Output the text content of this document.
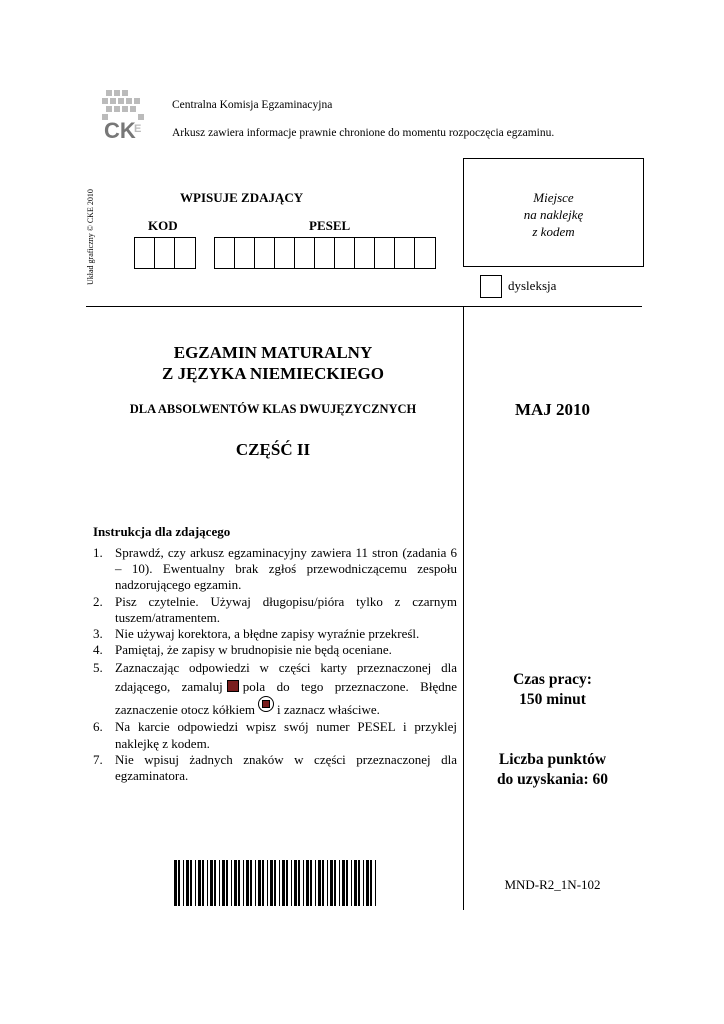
CK
E
Centralna Komisja Egzaminacyjna
Arkusz zawiera informacje prawnie chronione do momentu rozpoczęcia egzaminu.
Układ graficzny © CKE 2010	WPISUJE ZDAJĄCY
KOD	PESEL
Miejsce
na naklejkę
z kodem
dysleksja
EGZAMIN MATURALNY
Z JĘZYKA NIEMIECKIEGO
DLA ABSOLWENTÓW KLAS DWUJĘZYCZNYCH
CZĘŚĆ II
MAJ 2010
Instrukcja dla zdającego
1. Sprawdź, czy arkusz egzaminacyjny zawiera 11 stron (zadania 6 – 10). Ewentualny brak zgłoś przewodniczącemu zespołu nadzorującego egzamin.
2. Pisz czytelnie. Używaj długopisu/pióra tylko z czarnym tuszem/atramentem.
3. Nie używaj korektora, a błędne zapisy wyraźnie przekreśl.
4. Pamiętaj, że zapisy w brudnopisie nie będą oceniane.
5. Zaznaczając odpowiedzi w części karty przeznaczonej dla zdającego, zamaluj pola do tego przeznaczone. Błędne zaznaczenie otocz kółkiem i zaznacz właściwe.
6. Na karcie odpowiedzi wpisz swój numer PESEL i przyklej naklejkę z kodem.
7. Nie wpisuj żadnych znaków w części przeznaczonej dla egzaminatora.
Czas pracy:
150 minut
Liczba punktów
do uzyskania: 60
MND-R2_1N-102
